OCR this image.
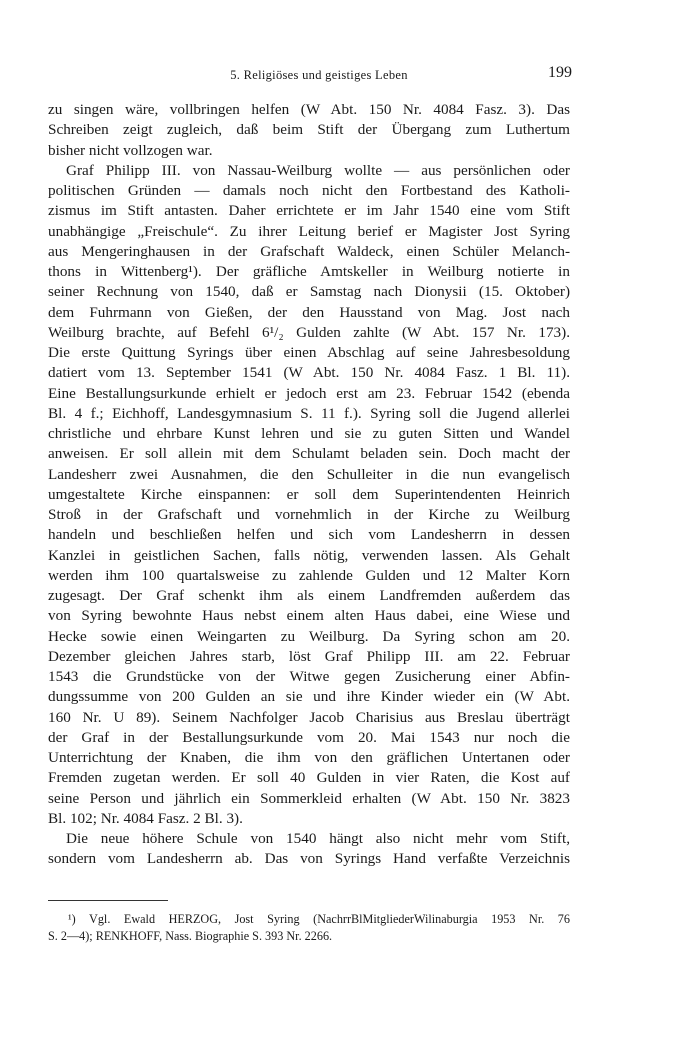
5. Religiöses und geistiges Leben	199

zu singen wäre, vollbringen helfen (W Abt. 150 Nr. 4084 Fasz. 3). Das
Schreiben zeigt zugleich, daß beim Stift der Übergang zum Luthertum
bisher nicht vollzogen war.

Graf Philipp III. von Nassau-Weilburg wollte — aus persönlichen oder
politischen Gründen — damals noch nicht den Fortbestand des Katholi-
zismus im Stift antasten. Daher errichtete er im Jahr 1540 eine vom Stift
unabhängige „Freischule“. Zu ihrer Leitung berief er Magister Jost Syring
aus Mengeringhausen in der Grafschaft Waldeck, einen Schüler Melanch-
thons in Wittenberg¹). Der gräfliche Amtskeller in Weilburg notierte in
seiner Rechnung von 1540, daß er Samstag nach Dionysii (15. Oktober)
dem Fuhrmann von Gießen, der den Hausstand von Mag. Jost nach
Weilburg brachte, auf Befehl 6¹/₂ Gulden zahlte (W Abt. 157 Nr. 173).
Die erste Quittung Syrings über einen Abschlag auf seine Jahresbesoldung
datiert vom 13. September 1541 (W Abt. 150 Nr. 4084 Fasz. 1 Bl. 11).
Eine Bestallungsurkunde erhielt er jedoch erst am 23. Februar 1542 (ebenda
Bl. 4 f.; Eichhoff, Landesgymnasium S. 11 f.). Syring soll die Jugend allerlei
christliche und ehrbare Kunst lehren und sie zu guten Sitten und Wandel
anweisen. Er soll allein mit dem Schulamt beladen sein. Doch macht der
Landesherr zwei Ausnahmen, die den Schulleiter in die nun evangelisch
umgestaltete Kirche einspannen: er soll dem Superintendenten Heinrich
Stroß in der Grafschaft und vornehmlich in der Kirche zu Weilburg
handeln und beschließen helfen und sich vom Landesherrn in dessen
Kanzlei in geistlichen Sachen, falls nötig, verwenden lassen. Als Gehalt
werden ihm 100 quartalsweise zu zahlende Gulden und 12 Malter Korn
zugesagt. Der Graf schenkt ihm als einem Landfremden außerdem das
von Syring bewohnte Haus nebst einem alten Haus dabei, eine Wiese und
Hecke sowie einen Weingarten zu Weilburg. Da Syring schon am 20.
Dezember gleichen Jahres starb, löst Graf Philipp III. am 22. Februar
1543 die Grundstücke von der Witwe gegen Zusicherung einer Abfin-
dungssumme von 200 Gulden an sie und ihre Kinder wieder ein (W Abt.
160 Nr. U 89). Seinem Nachfolger Jacob Charisius aus Breslau überträgt
der Graf in der Bestallungsurkunde vom 20. Mai 1543 nur noch die
Unterrichtung der Knaben, die ihm von den gräflichen Untertanen oder
Fremden zugetan werden. Er soll 40 Gulden in vier Raten, die Kost auf
seine Person und jährlich ein Sommerkleid erhalten (W Abt. 150 Nr. 3823
Bl. 102; Nr. 4084 Fasz. 2 Bl. 3).

Die neue höhere Schule von 1540 hängt also nicht mehr vom Stift,
sondern vom Landesherrn ab. Das von Syrings Hand verfaßte Verzeichnis

¹) Vgl. Ewald HERZOG, Jost Syring (NachrrBlMitgliederWilinaburgia 1953 Nr. 76
S. 2—4); RENKHOFF, Nass. Biographie S. 393 Nr. 2266.
